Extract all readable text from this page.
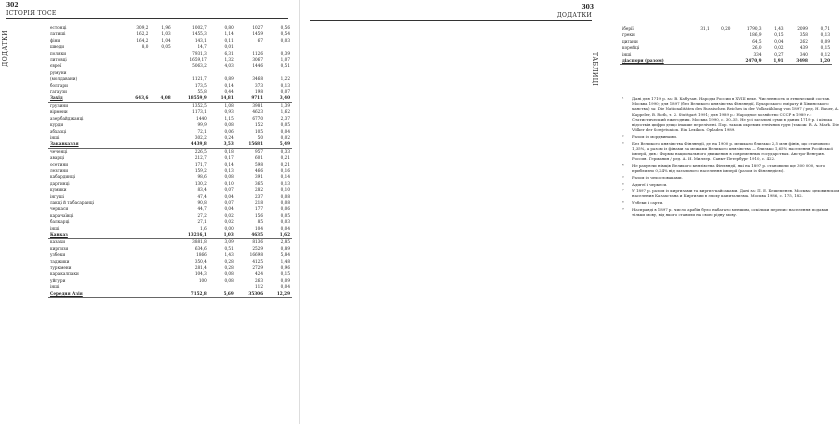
302
ІСТОРІЯ ТОСЕ
ДОДАТКИ
естонці	309,2	1,96	1002,7	0,80	1027	0,56
латиші	162,2	1,03	1455,3	1,14	1459	0,54
фіни	164,2	1,04	143,1	0,11	67	0,03
шведи	8,0	0,05	14,7	0,01		
поляки			7931,3	6,31	1126	0,39
литовці			1659,17	1,32	3067	1,07
євреї			5063,2	4,03	1446	0,51
румуни						
(молдавани)			1121,7	0,89	3468	1,22
болгари			173,5	0,14	373	0,13
гагаузи			55,8	0,44	198	0,07
Захід	643,6	4,08	18559,9	14,81	9711	3,40
грузини			1352,5	1,08	3981	1,39
вірмени			1173,1	0,93	4623	1,62
азербайджанці			1440	1,15	6770	2,37
курди			99,9	0,08	152	0,05
абхазці			72,1	0,06	105	0,04
інші			302,2	0,24	50	0,02
Закавказзя			4439,8	3,53	15681	5,49
чеченці			226,5	0,18	957	0,33
аварці			212,7	0,17	601	0,21
осетини			171,7	0,14	598	0,21
лезгини			159,2	0,13	466	0,16
кабардинці			98,6	0,08	391	0,14
даргинці			130,2	0,10	365	0,13
кумики			83,4	0,07	282	0,10
інгуші			47,4	0,04	237	0,08
лакці й табасаранці			90,8	0,07	218	0,08
черкаси			44,7	0,04	177	0,06
карачаївці			27,2	0,02	156	0,05
балкарці			27,1	0,02	85	0,03
інші			1,6	0,00	104	0,04
Кавказ			13216,1	1,03	4635	1,62
казахи			3881,8	3,09	8136	2,85
киргизи			634,6	0,51	2529	0,89
узбеки			1866	1,43	16698	5,84
таджики			350,4	0,28	4125	1,48
туркмени			281,4	0,28	2729	0,96
каракалпаки			104,3	0,08	424	0,15
уйгури			100	0,08	263	0,09
інші					112	0,04
Середня Азія			7152,8	5,69	35306	12,29
303
ДОДАТКИ
ТАБЛИЦІ
іберії	31,1	0,20	1790,3	1,43	2099	0,71
греки			186,9	0,15	358	0,13
цигани			64,5	0,04	262	0,09
корейці			26,0	0,02	439	0,15
інші			334	0,27	340	0,12
діаспори (разом)			2470,9	1,91	3498	1,20
¹	Дані для 1719 р. за: В. Кабузан. Народы России в XVIII веке. Численность и этнический состав. Москва 1990; для 1897 (без Великого князівства Фінляндії, Бухарського емірату й Хівинського ханства) за: Die Nationalitäten des Russischen Reiches in der Volkszählung von 1897 / ред. H. Bauer, A. Kappeler, B. Roth, т. 2. Stuttgart 1991; для 1989 р.: Народное хозяйство СССР в 1989 г.: Статистический ежегодник. Москва 1990, с. 30–35. Не усі загальні суми в даних 1719 р. і кілька відсотків цифри дещо інакше перелічені. Пор. також окремих етнічних груп (також: R. A. Mark. Die Völker der Sowjetunion. Ein Lexikon. Opladen 1989.
²	Разом із мордвинами.
³	Без Великого князівства Фінляндії, де на 1900 р. мешкало близько 2,5 млн фінів, що становило 1,35%, а разом із фінами за межами Великого князівства — близько 1,65% населення Російської імперії, див.: Формы национального движения в современных государствах. Австро-Венгрия. Россия. Германия / ред. А. И. Миллер. Санкт-Петербург 1910, с. 422.
⁴	Не рахуючи німців Великого князівства Фінляндії, які на 1897 р. становили ще 300 000, чого приблизно 0,24% від загального населення імперії (разом із Фінляндією).
⁵	Разом із чехословаками.
⁶	Адигеї і черкеси.
⁷	У 1897 р. разом із киргизами та киргиз-кайсаками. Дані за: П. Е. Бешеменев. Москва: цеховинском населения Казахстана и Киргизии в эпоху капитализма. Москва 1986, с. 175, 182.
⁸	Узбеки і сарти.
⁹	Насправді в 1897 р. число арабів було набагато меншим, оскільки перепис населення подавав тільки мову, від якого ставили на свою рідну мову.
